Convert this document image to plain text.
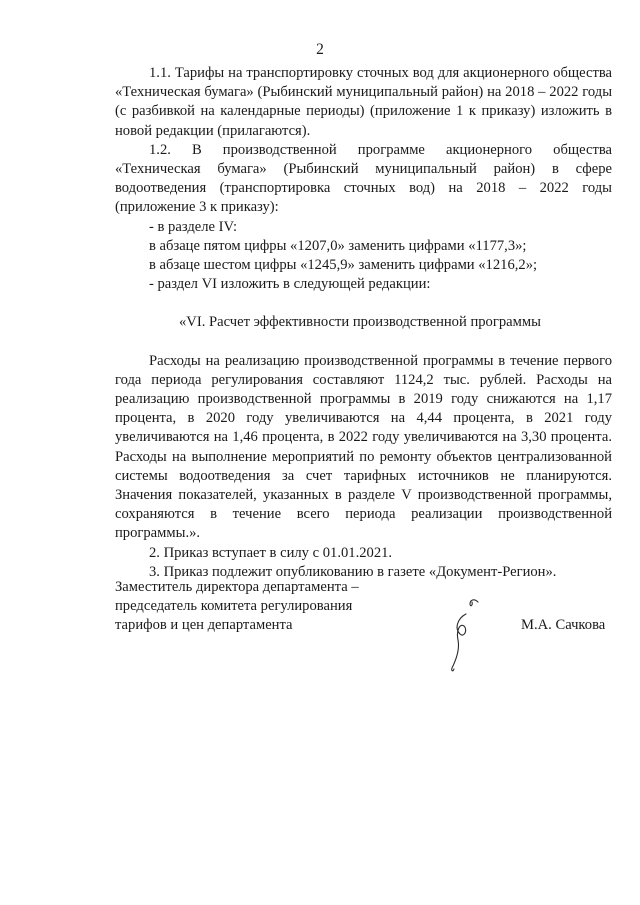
2

1.1. Тарифы на транспортировку сточных вод для акционерного общества «Техническая бумага» (Рыбинский муниципальный район) на 2018 – 2022 годы (с разбивкой на календарные периоды) (приложение 1 к приказу) изложить в новой редакции (прилагаются).

1.2. В производственной программе акционерного общества «Техническая бумага» (Рыбинский муниципальный район) в сфере водоотведения (транспортировка сточных вод) на 2018 – 2022 годы (приложение 3 к приказу):

- в разделе IV:

в абзаце пятом цифры «1207,0» заменить цифрами «1177,3»;

в абзаце шестом цифры «1245,9» заменить цифрами «1216,2»;

- раздел VI изложить в следующей редакции:

«VI. Расчет эффективности производственной программы

Расходы на реализацию производственной программы в течение первого года периода регулирования составляют 1124,2 тыс. рублей. Расходы на реализацию производственной программы в 2019 году снижаются на 1,17 процента, в 2020 году увеличиваются на 4,44 процента, в 2021 году увеличиваются на 1,46 процента, в 2022 году увеличиваются на 3,30 процента. Расходы на выполнение мероприятий по ремонту объектов централизованной системы водоотведения за счет тарифных источников не планируются. Значения показателей, указанных в разделе V производственной программы, сохраняются в течение всего периода реализации производственной программы.».

2. Приказ вступает в силу с 01.01.2021.

3. Приказ подлежит опубликованию в газете «Документ-Регион».

Заместитель директора департамента –
председатель комитета регулирования
тарифов и цен департамента	М.А. Сачкова
